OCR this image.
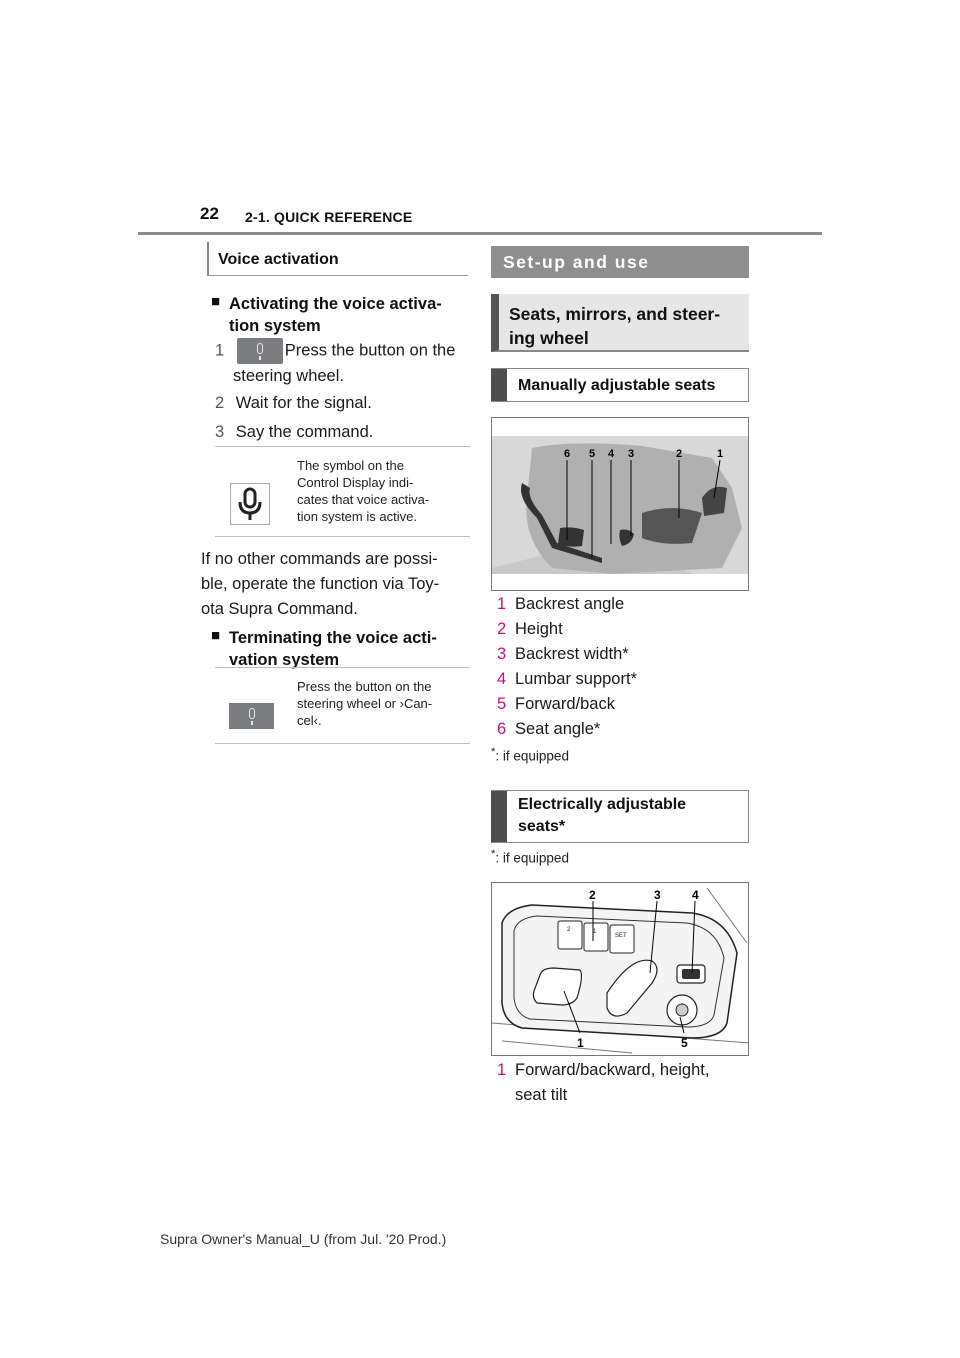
22 2-1. QUICK REFERENCE
Voice activation
■ Activating the voice activa-
tion system
1	Press the button on the
steering wheel.
2 Wait for the signal.
3 Say the command.
The symbol on the
Control Display indi-
cates that voice activa-
tion system is active.
If no other commands are possi-
ble, operate the function via Toy-
ota Supra Command.
■ Terminating the voice acti-
vation system
Press the button on the
steering wheel or ›Can-
cel‹.
Set-up and use
Seats, mirrors, and steer-
ing wheel
Manually adjustable seats
6 5 4 3	2	1
1 Backrest angle
2 Height
3 Backrest width*
4 Lumbar support*
5 Forward/back
6 Seat angle*
*: if equipped
Electrically adjustable
seats*
*: if equipped
2	1
SET
2	3	4
1	5
1 Forward/backward, height,
seat tilt
Supra Owner's Manual_U (from Jul. '20 Prod.)
